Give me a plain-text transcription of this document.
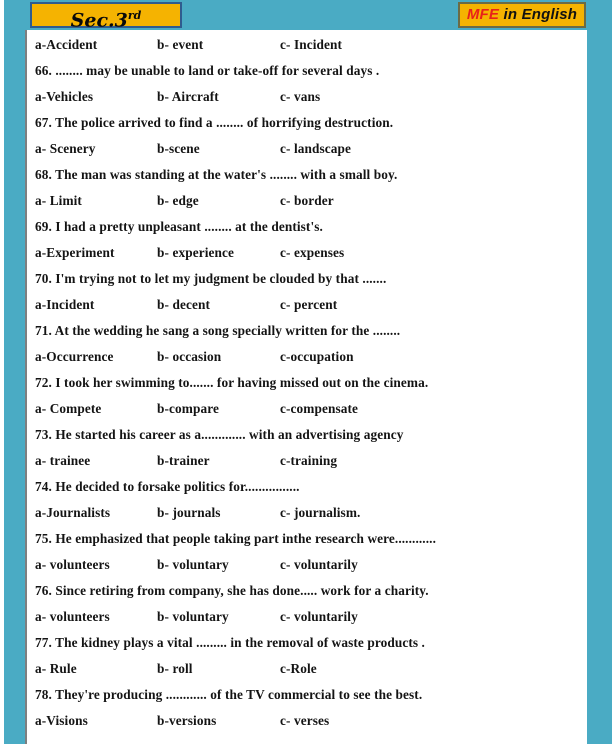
a-Accident	b- event	c- Incident
66. ........ may be unable to land or take-off for several days .
a-Vehicles	b- Aircraft	c- vans
67. The police arrived to find a ........ of horrifying destruction.
a- Scenery	b-scene	c- landscape
68. The man was standing at the water's ........ with a small boy.
a- Limit	b- edge	c- border
69. I had a pretty unpleasant ........ at the dentist's.
a-Experiment	b- experience	c- expenses
70. I'm trying not to let my judgment be clouded by that .......
a-Incident	b- decent	c- percent
71. At the wedding he sang a song specially written for the ........
a-Occurrence	b- occasion	c-occupation
72. I took her swimming to....... for having missed out on the cinema.
a- Compete	b-compare	c-compensate
73. He started his career as a............. with an advertising agency
a- trainee	b-trainer	c-training
74. He decided to forsake politics for................
a-Journalists	b- journals	c- journalism.
75. He emphasized that people taking part inthe research were............
a- volunteers	b- voluntary	c- voluntarily
76. Since retiring from company, she has done..... work for a charity.
a- volunteers	b- voluntary	c- voluntarily
77. The kidney plays a vital ......... in the removal of waste products .
a- Rule	b- roll	c-Role
78. They're producing ............ of the TV commercial to see the best.
a-Visions	b-versions	c- verses
Sec.3rd	MFE in English
